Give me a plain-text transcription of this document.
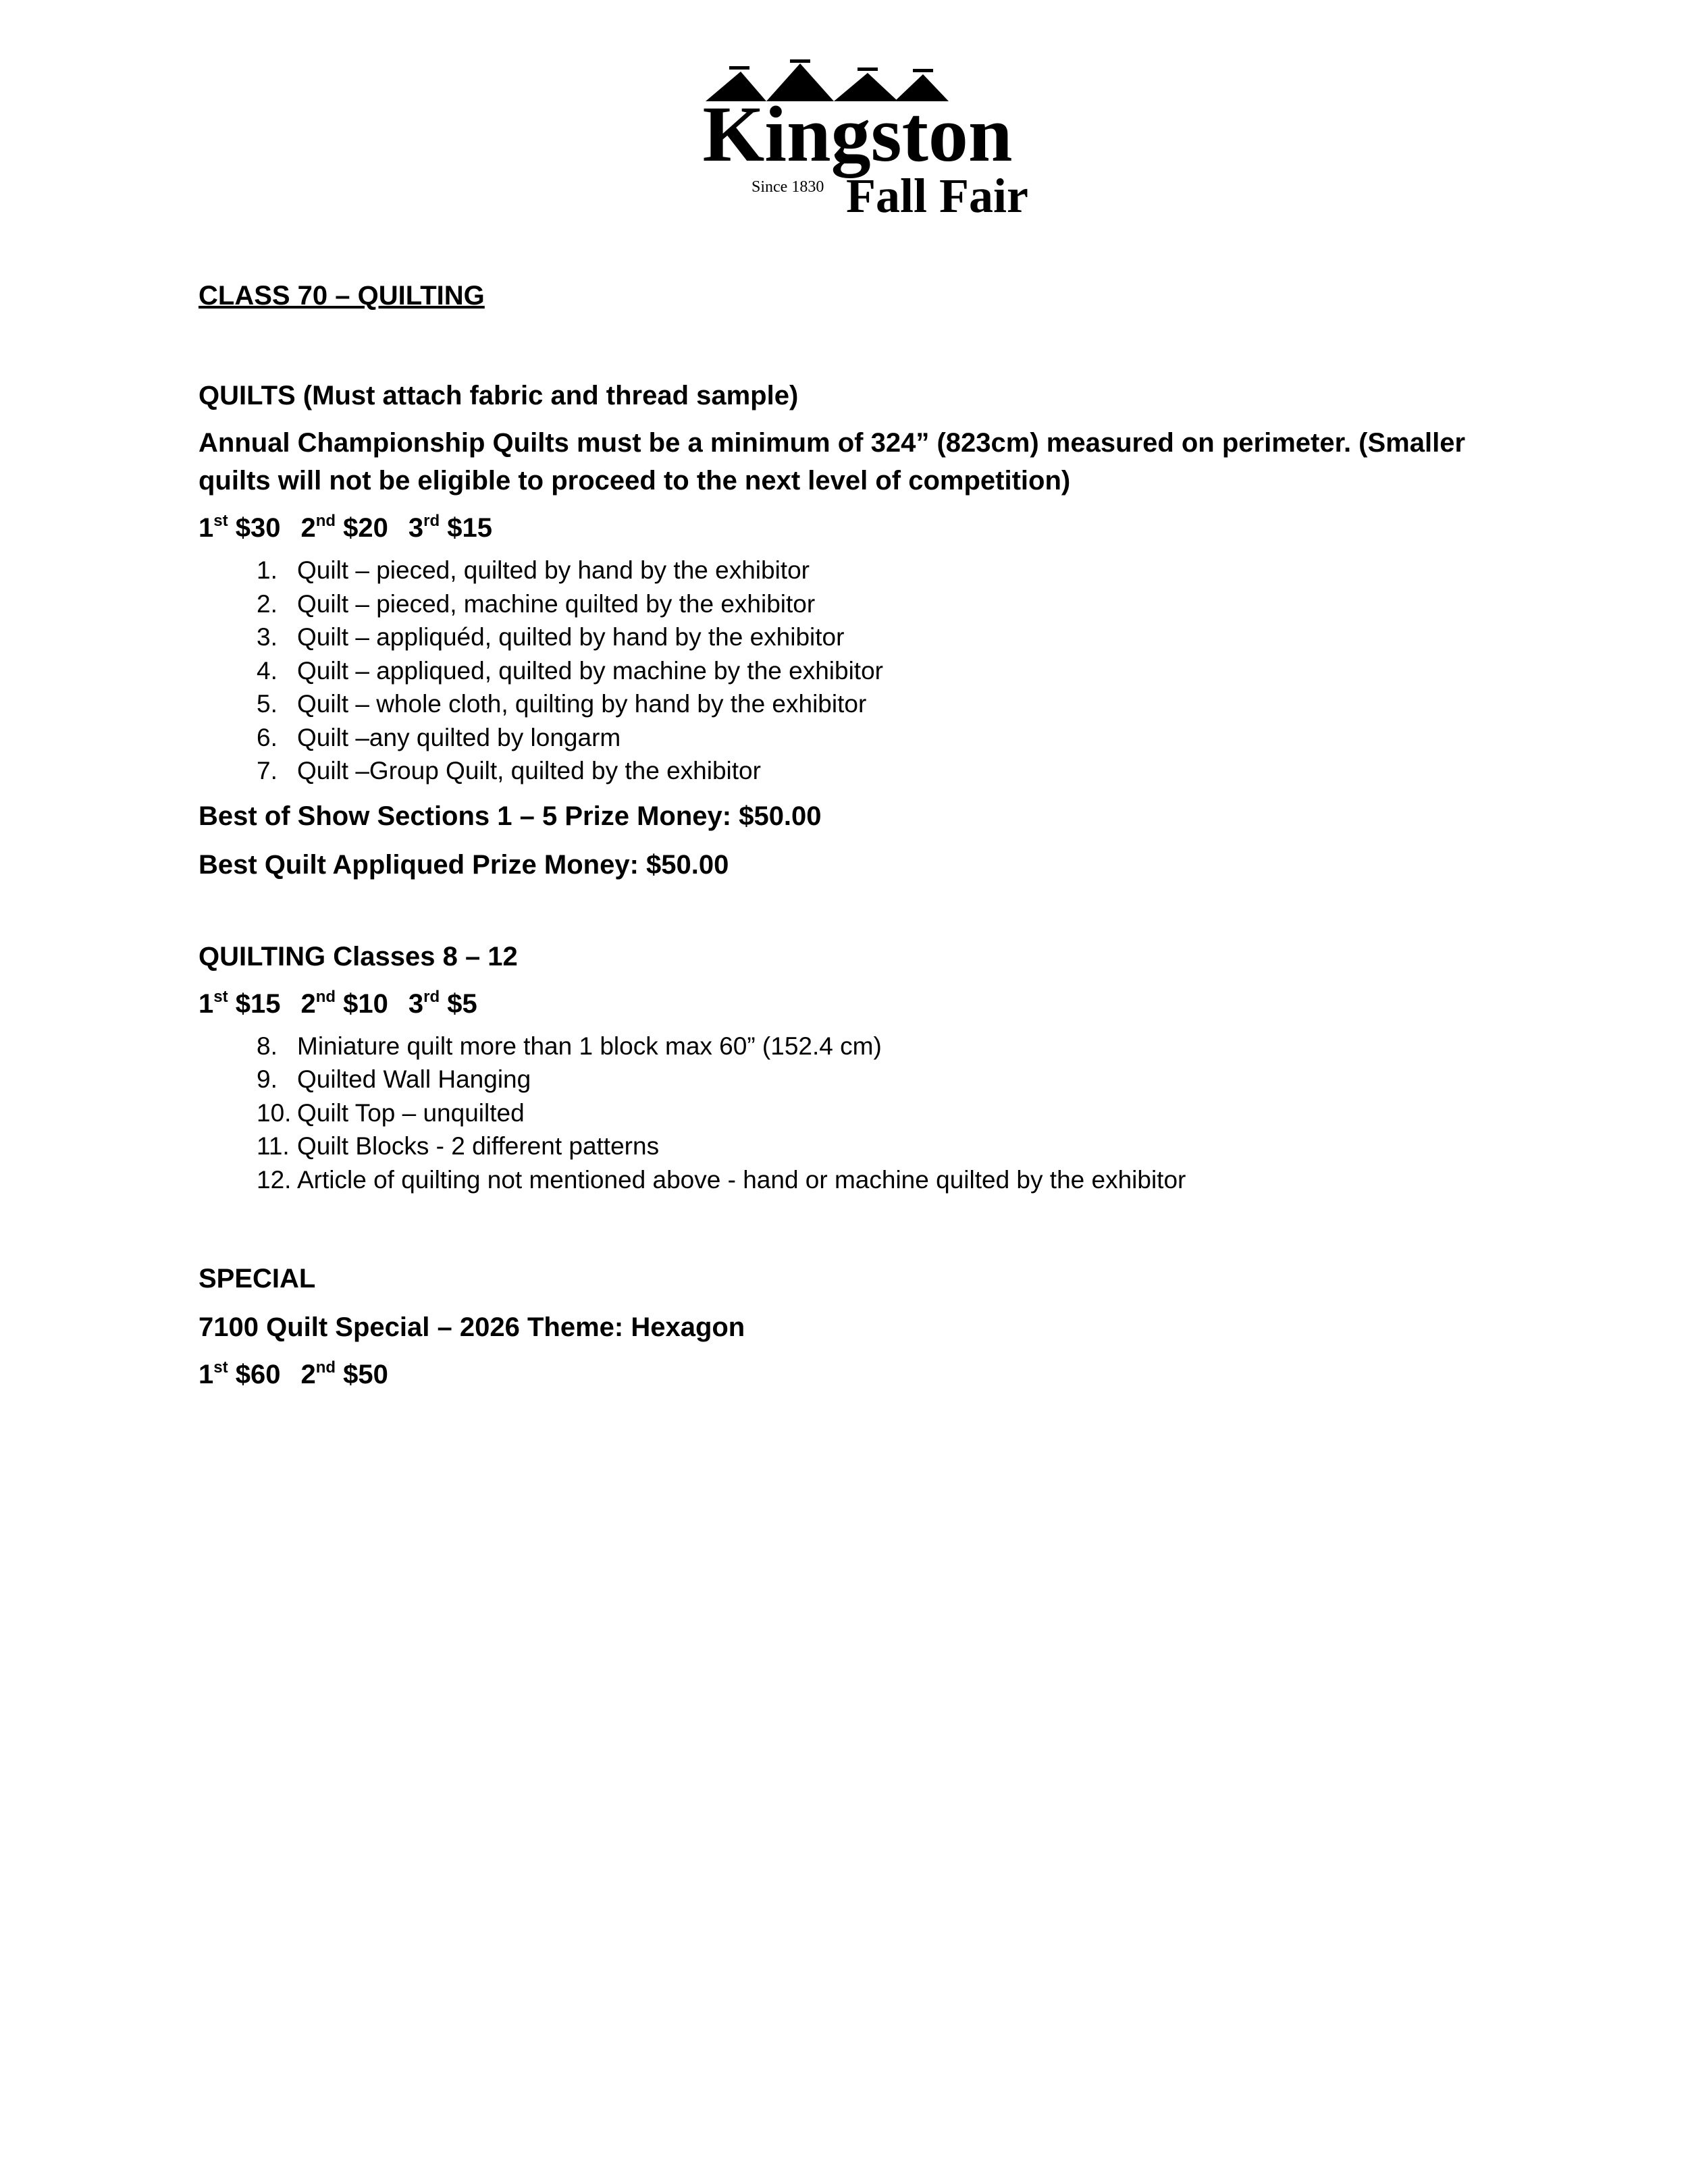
Kingston
Since 1830 Fall Fair

CLASS 70 – QUILTING

QUILTS (Must attach fabric and thread sample)

Annual Championship Quilts must be a minimum of 324” (823cm) measured on perimeter. (Smaller quilts will not be eligible to proceed to the next level of competition)

1st $30 2nd $20 3rd $15

1. Quilt – pieced, quilted by hand by the exhibitor
2. Quilt – pieced, machine quilted by the exhibitor
3. Quilt – appliquéd, quilted by hand by the exhibitor
4. Quilt – appliqued, quilted by machine by the exhibitor
5. Quilt – whole cloth, quilting by hand by the exhibitor
6. Quilt –any quilted by longarm
7. Quilt –Group Quilt, quilted by the exhibitor

Best of Show Sections 1 – 5 Prize Money: $50.00

Best Quilt Appliqued Prize Money: $50.00

QUILTING Classes 8 – 12

1st $15 2nd $10 3rd $5

8. Miniature quilt more than 1 block max 60” (152.4 cm)
9. Quilted Wall Hanging
10. Quilt Top – unquilted
11. Quilt Blocks - 2 different patterns
12. Article of quilting not mentioned above - hand or machine quilted by the exhibitor

SPECIAL

7100 Quilt Special – 2026 Theme: Hexagon

1st $60 2nd $50
